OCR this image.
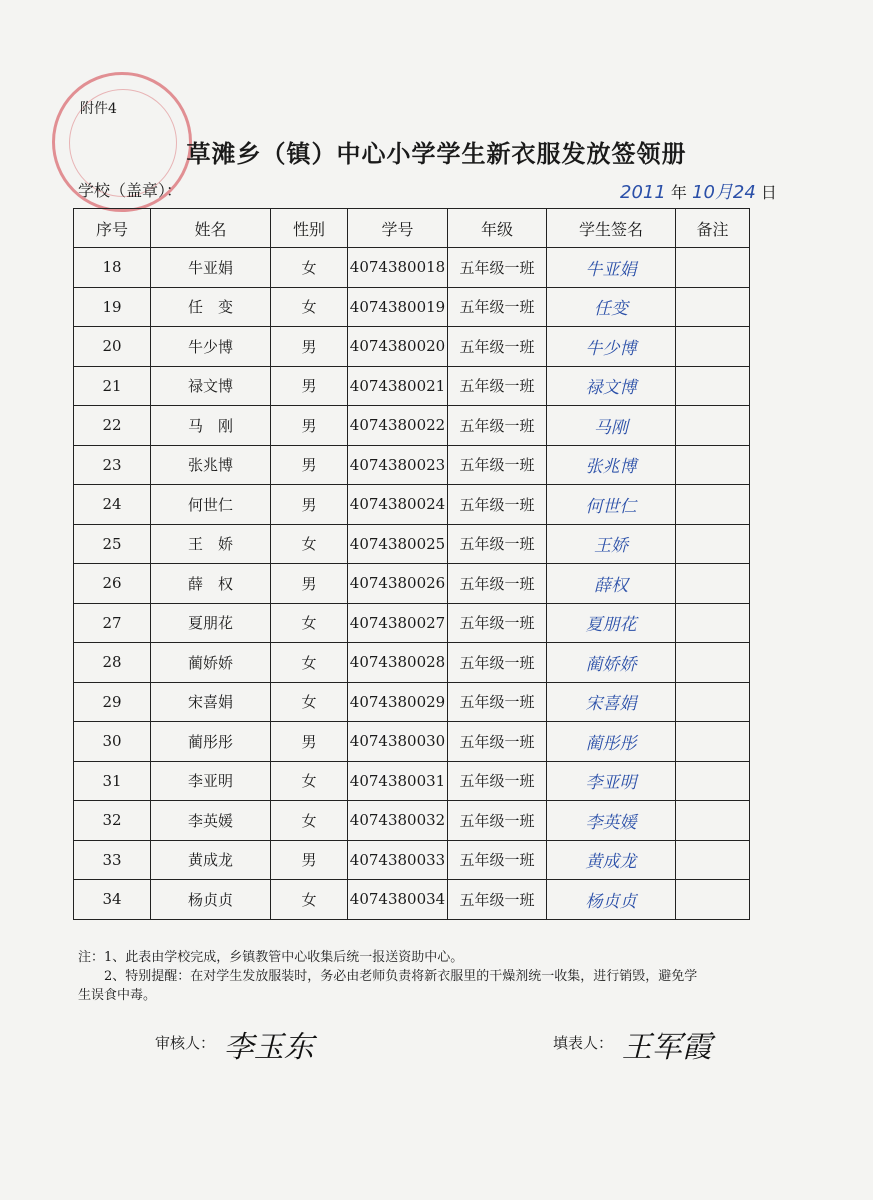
附件4
草滩乡（镇）中心小学学生新衣服发放签领册
学校（盖章）：	2011 年 10月24 日
序号	姓名	性别	学号	年级	学生签名	备注
18	牛亚娟	女	4074380018	五年级一班	牛亚娟	
19	任　变	女	4074380019	五年级一班	任变	
20	牛少博	男	4074380020	五年级一班	牛少博	
21	禄文博	男	4074380021	五年级一班	禄文博	
22	马　刚	男	4074380022	五年级一班	马刚	
23	张兆博	男	4074380023	五年级一班	张兆博	
24	何世仁	男	4074380024	五年级一班	何世仁	
25	王　娇	女	4074380025	五年级一班	王娇	
26	薛　权	男	4074380026	五年级一班	薛权	
27	夏朋花	女	4074380027	五年级一班	夏朋花	
28	蔺娇娇	女	4074380028	五年级一班	蔺娇娇	
29	宋喜娟	女	4074380029	五年级一班	宋喜娟	
30	蔺彤彤	男	4074380030	五年级一班	蔺彤彤	
31	李亚明	女	4074380031	五年级一班	李亚明	
32	李英媛	女	4074380032	五年级一班	李英媛	
33	黄成龙	男	4074380033	五年级一班	黄成龙	
34	杨贞贞	女	4074380034	五年级一班	杨贞贞	

注：1、此表由学校完成，乡镇教管中心收集后统一报送资助中心。

　　2、特别提醒：在对学生发放服装时，务必由老师负责将新衣服里的干燥剂统一收集，进行销毁，避免学

生误食中毒。

审核人： 李玉东	填表人： 王军霞
